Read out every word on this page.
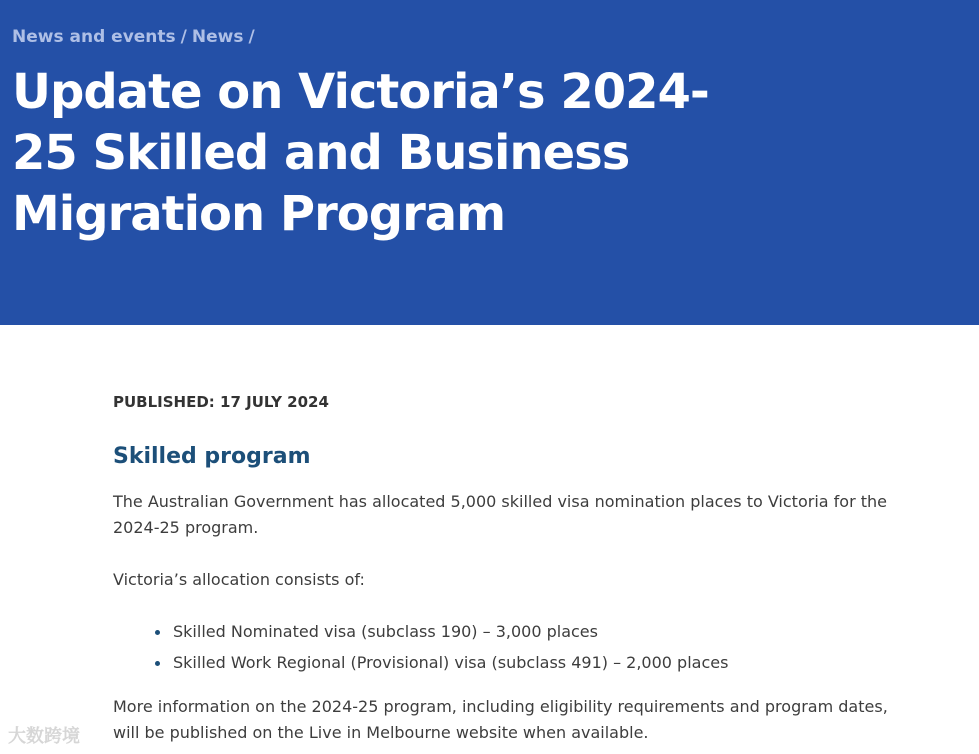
News and events / News /
Update on Victoria’s 2024-
25 Skilled and Business
Migration Program
PUBLISHED: 17 JULY 2024
Skilled program

The Australian Government has allocated 5,000 skilled visa nomination places to Victoria for the 2024-25 program.

Victoria’s allocation consists of:

Skilled Nominated visa (subclass 190) – 3,000 places
Skilled Work Regional (Provisional) visa (subclass 491) – 2,000 places

More information on the 2024-25 program, including eligibility requirements and program dates, will be published on the Live in Melbourne website when available.

大数跨境
